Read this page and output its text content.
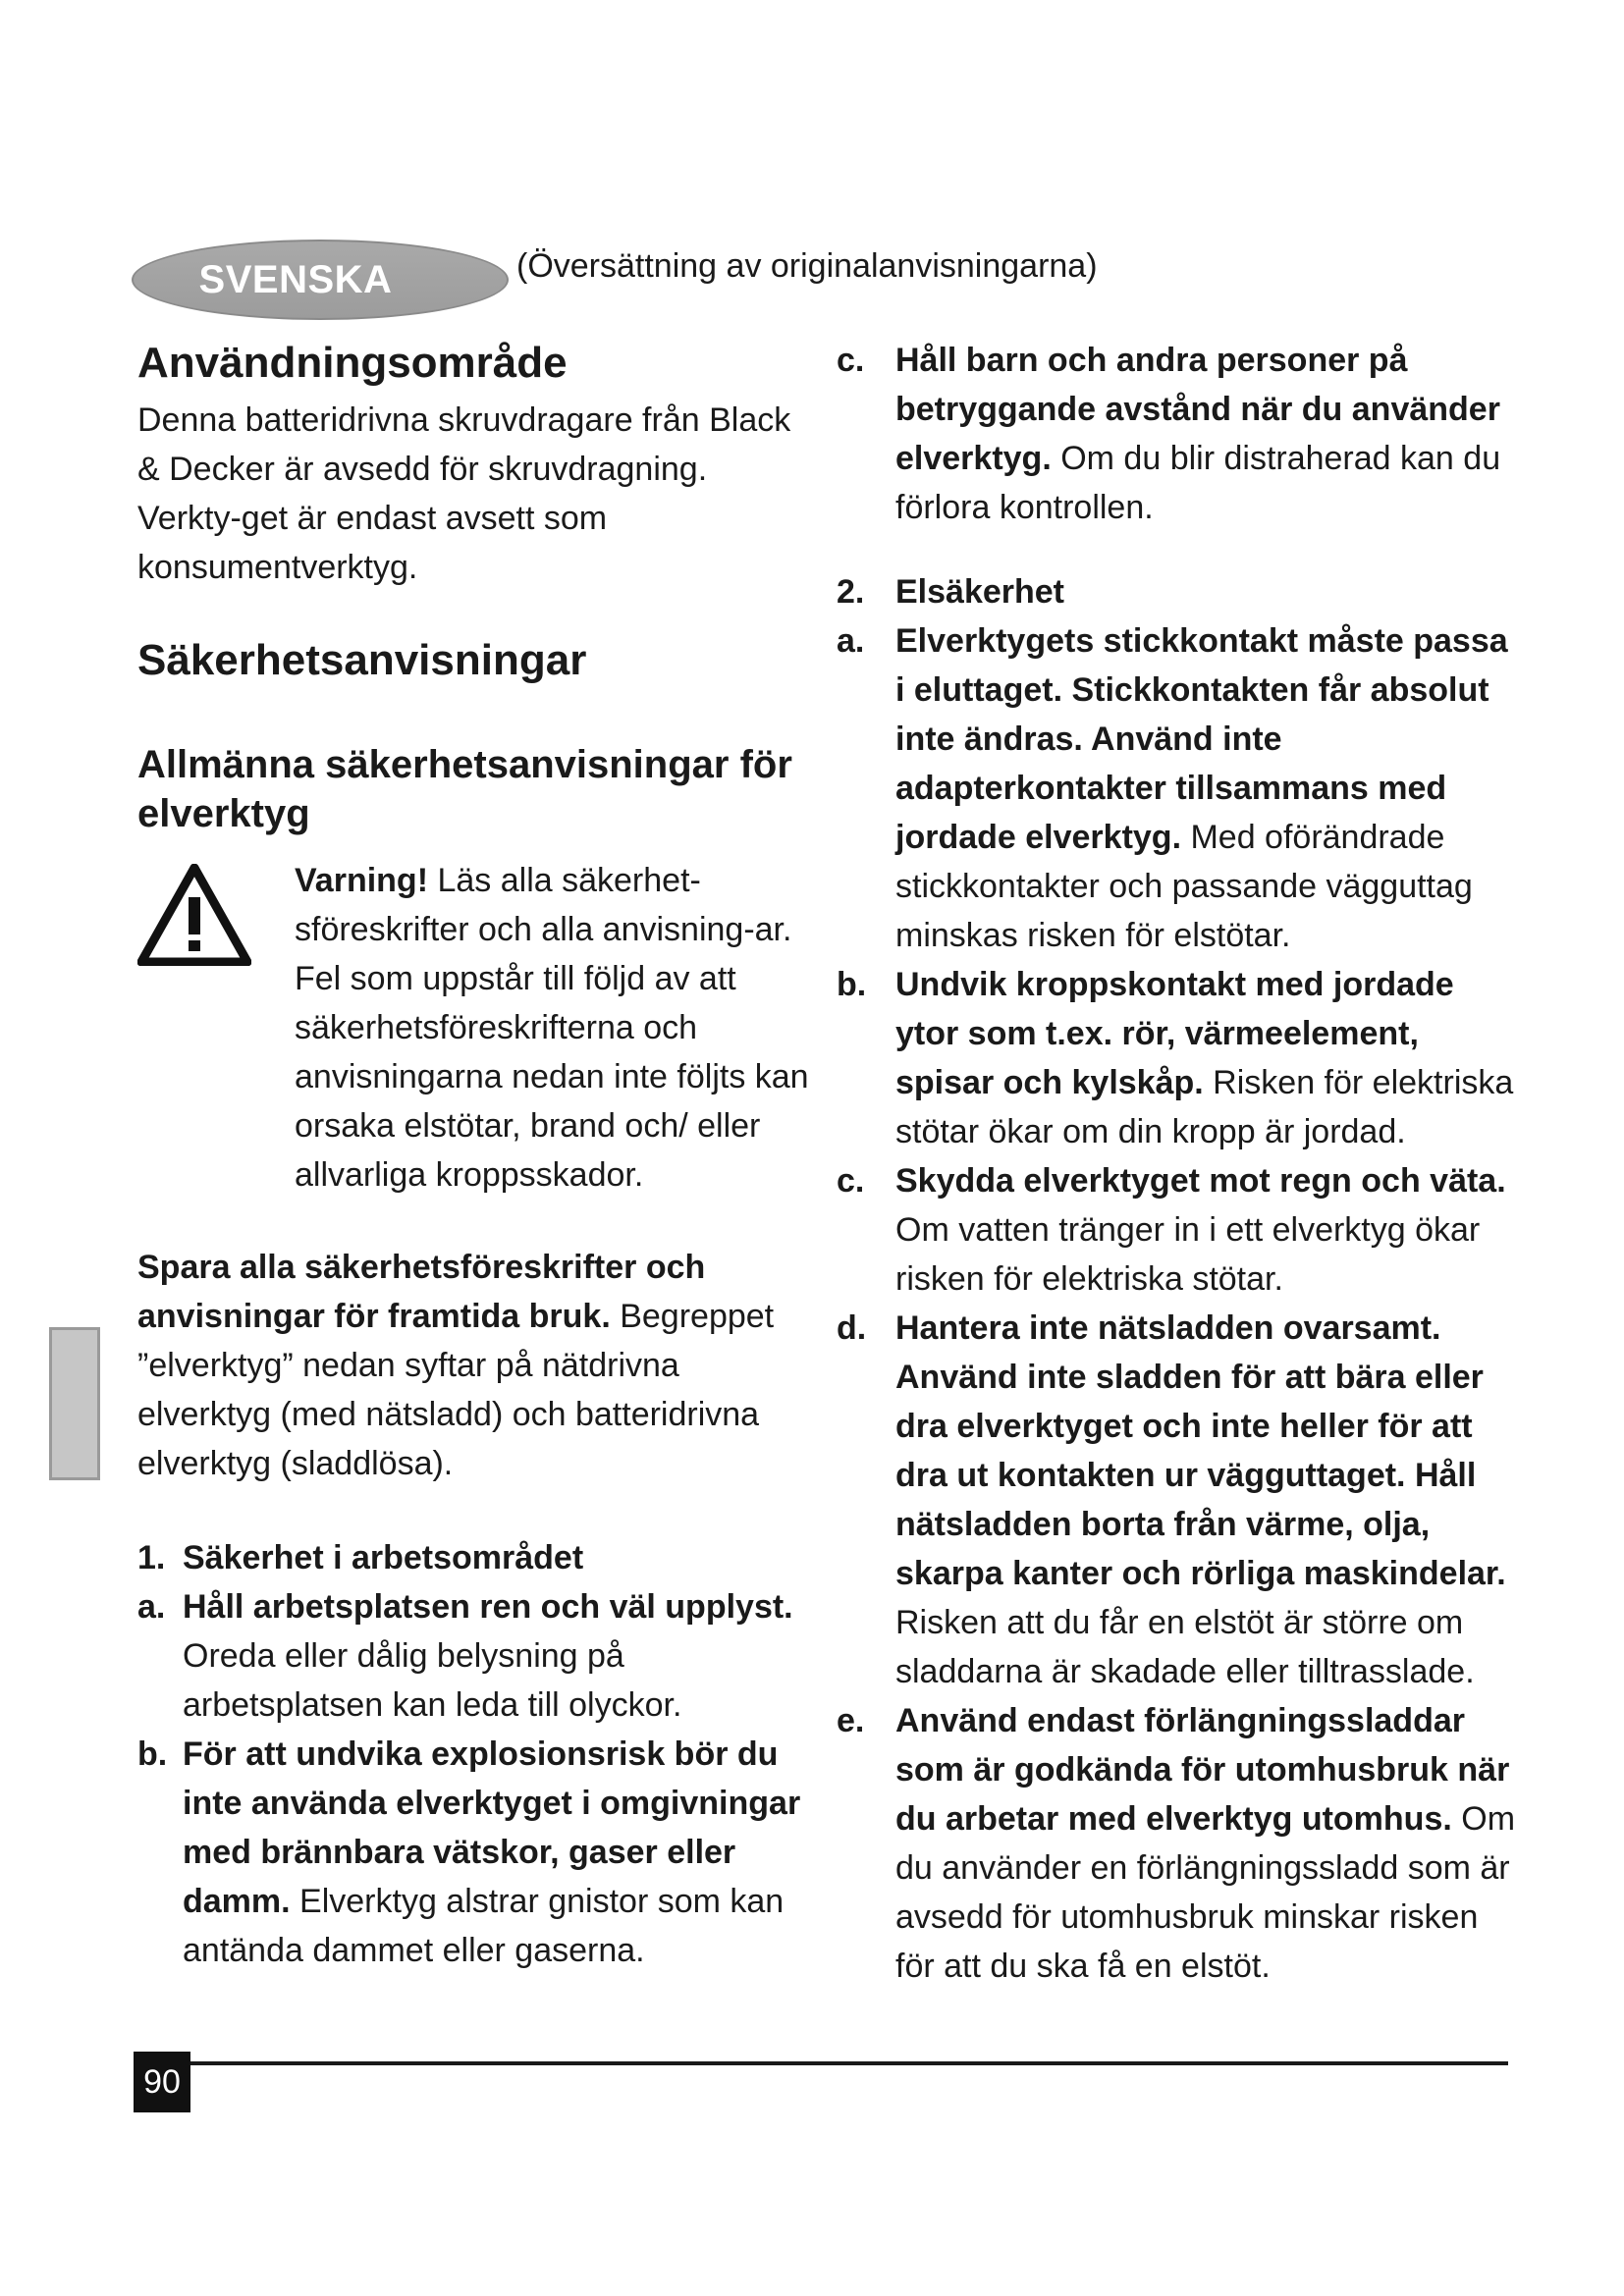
SVENSKA	(Översättning av originalanvisningarna)
Användningsområde

Denna batteridrivna skruvdragare från Black & Decker är avsedd för skruvdragning. Verkty-get är endast avsett som konsumentverktyg.

Säkerhetsanvisningar
Allmänna säkerhetsanvisningar för elverktyg

Varning! Läs alla säkerhet-sföreskrifter och alla anvisning-ar. Fel som uppstår till följd av att säkerhetsföreskrifterna och anvisningarna nedan inte följts kan orsaka elstötar, brand och/ eller allvarliga kroppsskador.

Spara alla säkerhetsföreskrifter och anvisningar för framtida bruk. Begreppet ”elverktyg” nedan syftar på nätdrivna elverktyg (med nätsladd) och batteridrivna elverktyg (sladdlösa).

1. Säkerhet i arbetsområdet
a. Håll arbetsplatsen ren och väl upplyst. Oreda eller dålig belysning på arbetsplatsen kan leda till olyckor.
b. För att undvika explosionsrisk bör du inte använda elverktyget i omgivningar med brännbara vätskor, gaser eller damm. Elverktyg alstrar gnistor som kan antända dammet eller gaserna.
c. Håll barn och andra personer på betryggande avstånd när du använder elverktyg. Om du blir distraherad kan du förlora kontrollen.
2. Elsäkerhet
a. Elverktygets stickkontakt måste passa i eluttaget. Stickkontakten får absolut inte ändras. Använd inte adapterkontakter tillsammans med jordade elverktyg. Med oförändrade stickkontakter och passande vägguttag minskas risken för elstötar.
b. Undvik kroppskontakt med jordade ytor som t.ex. rör, värmeelement, spisar och kylskåp. Risken för elektriska stötar ökar om din kropp är jordad.
c. Skydda elverktyget mot regn och väta. Om vatten tränger in i ett elverktyg ökar risken för elektriska stötar.
d. Hantera inte nätsladden ovarsamt. Använd inte sladden för att bära eller dra elverktyget och inte heller för att dra ut kontakten ur vägguttaget. Håll nätsladden borta från värme, olja, skarpa kanter och rörliga maskindelar. Risken att du får en elstöt är större om sladdarna är skadade eller tilltrasslade.
e. Använd endast förlängningssladdar som är godkända för utomhusbruk när du arbetar med elverktyg utomhus. Om du använder en förlängningssladd som är avsedd för utomhusbruk minskar risken för att du ska få en elstöt.
90
